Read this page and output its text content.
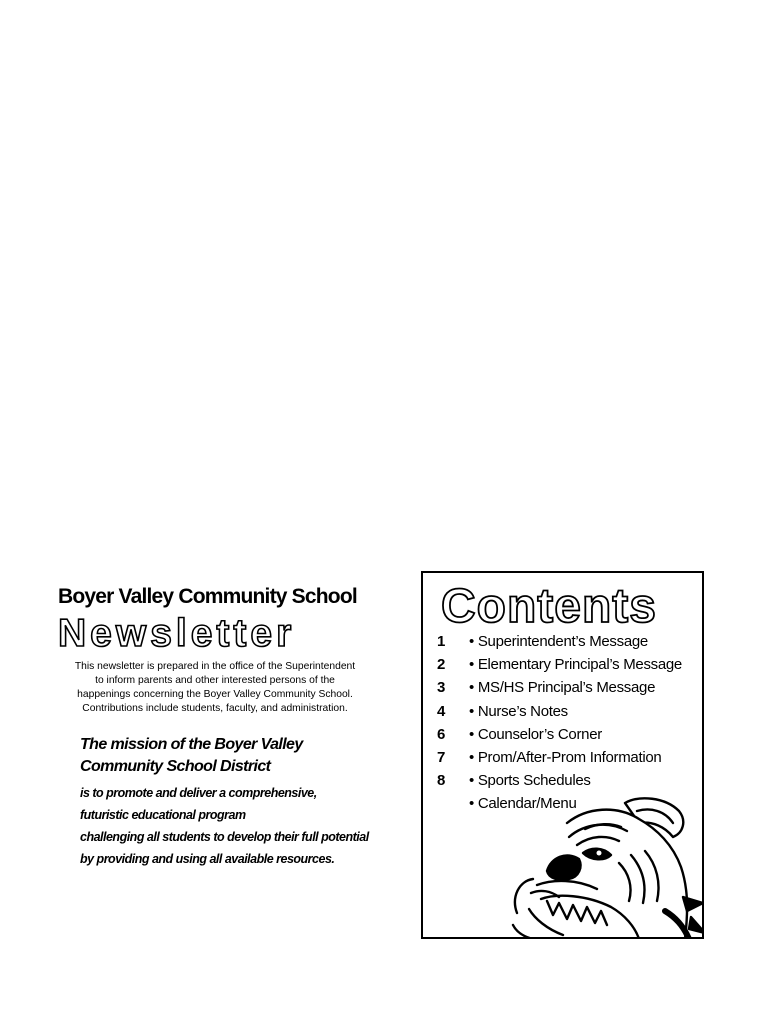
Boyer Valley Community School
Newsletter
This newsletter is prepared in the office of the Superintendent
to inform parents and other interested persons of the
happenings concerning the Boyer Valley Community School.
Contributions include students, faculty, and administration.
The mission of the Boyer Valley
Community School District
is to promote and deliver a comprehensive,
futuristic educational program
challenging all students to develop their full potential
by providing and using all available resources.
Contents
1	• Superintendent’s Message
2	• Elementary Principal’s Message
3	• MS/HS Principal’s Message
4	• Nurse’s Notes
6	• Counselor’s Corner
7	• Prom/After-Prom Information
8	• Sports Schedules
• Calendar/Menu
